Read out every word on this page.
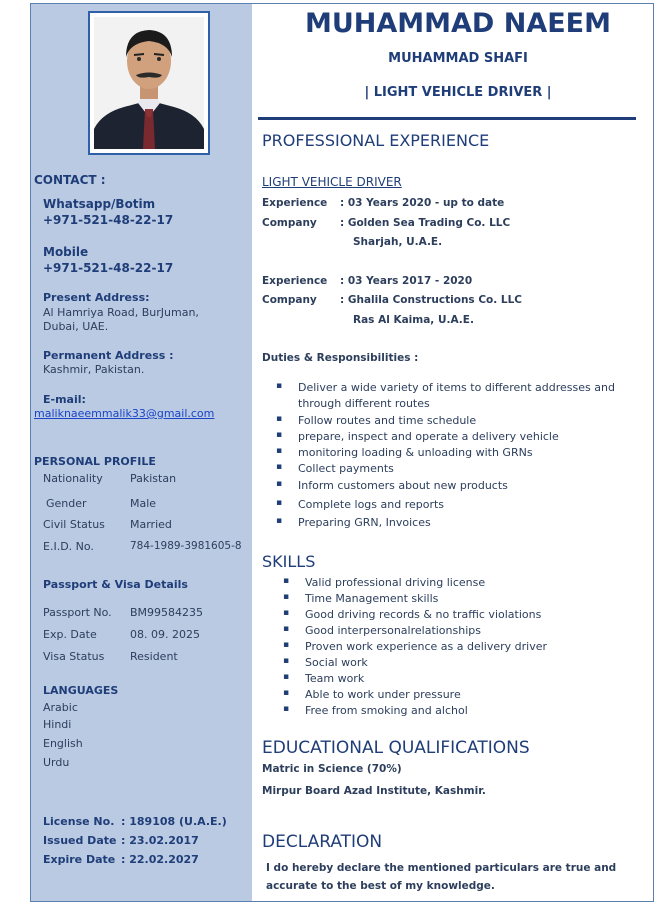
CONTACT :
Whatsapp/Botim
+971-521-48-22-17
Mobile
+971-521-48-22-17
Present Address:
Al Hamriya Road, BurJuman,
Dubai, UAE.
Permanent Address :
Kashmir, Pakistan.
E-mail:
maliknaeemmalik33@gmail.com
PERSONAL PROFILE
Nationality Pakistan
Gender	Male
Civil Status Married
E.I.D. No.	784-1989-3981605-8
Passport & Visa Details
Passport No. BM99584235
Exp. Date	08. 09. 2025
Visa Status Resident
LANGUAGES
Arabic
Hindi
English
Urdu
License No. : 189108 (U.A.E.)
Issued Date : 23.02.2017
Expire Date : 22.02.2027
MUHAMMAD NAEEM
MUHAMMAD SHAFI
| LIGHT VEHICLE DRIVER |
PROFESSIONAL EXPERIENCE
LIGHT VEHICLE DRIVER
Experience : 03 Years 2020 - up to date
Company : Golden Sea Trading Co. LLC
Sharjah, U.A.E.
Experience : 03 Years 2017 - 2020
Company : Ghalila Constructions Co. LLC
Ras Al Kaima, U.A.E.
Duties & Responsibilities :
▪ Deliver a wide variety of items to different addresses and
through different routes
▪ Follow routes and time schedule
▪ prepare, inspect and operate a delivery vehicle
▪ monitoring loading & unloading with GRNs
▪ Collect payments
▪ Inform customers about new products
▪ Complete logs and reports
▪ Preparing GRN, Invoices
SKILLS
▪ Valid professional driving license
▪ Time Management skills
▪ Good driving records & no traffic violations
▪ Good interpersonalrelationships
▪ Proven work experience as a delivery driver
▪ Social work
▪ Team work
▪ Able to work under pressure
▪ Free from smoking and alchol
EDUCATIONAL QUALIFICATIONS
Matric in Science (70%)
Mirpur Board Azad Institute, Kashmir.
DECLARATION
I do hereby declare the mentioned particulars are true and
accurate to the best of my knowledge.
